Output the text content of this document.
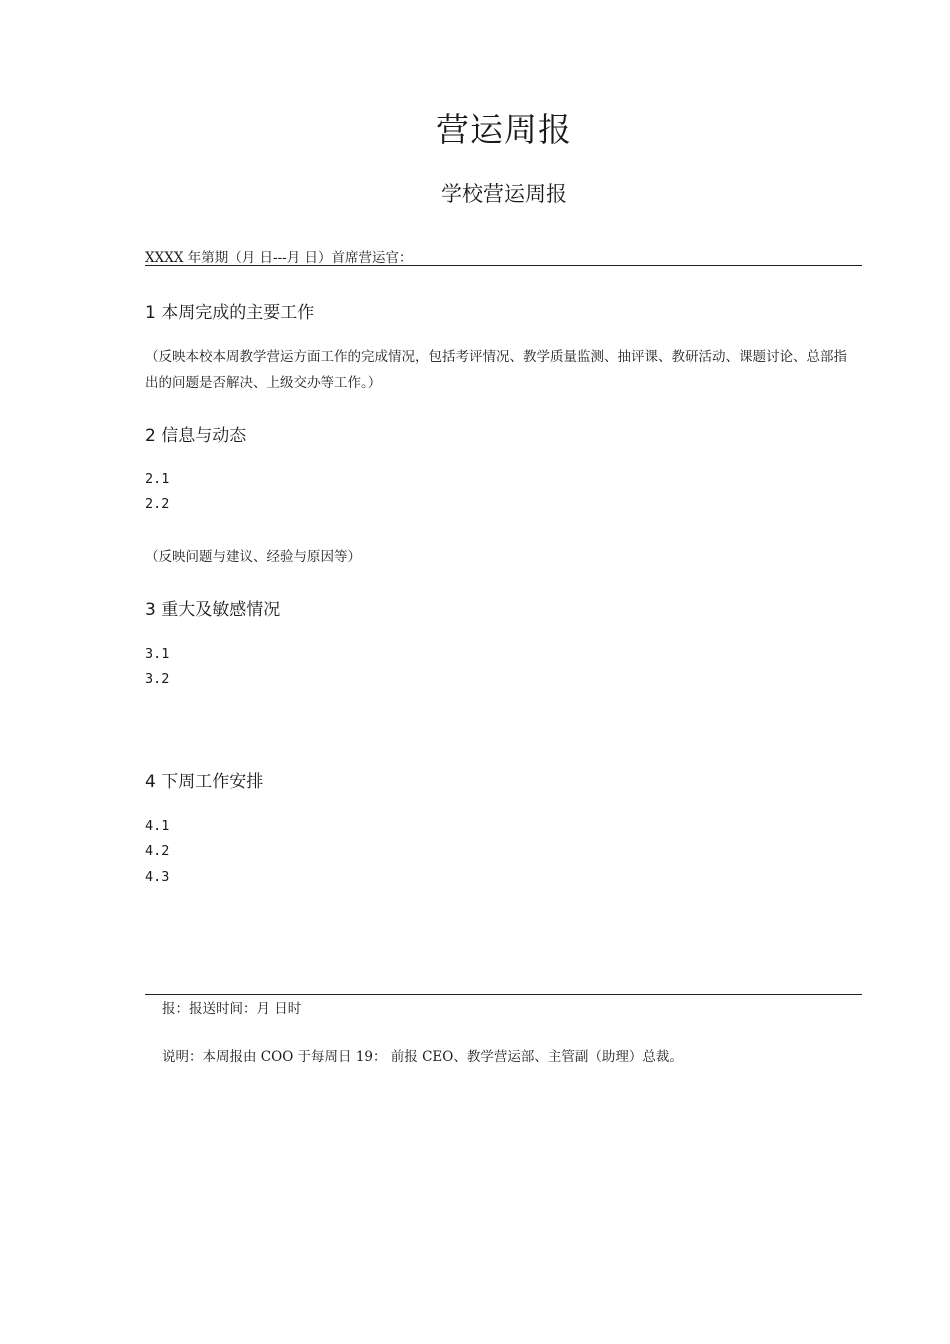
营运周报
学校营运周报
XXXX 年第期（月 日---月 日）首席营运官：
1 本周完成的主要工作
（反映本校本周教学营运方面工作的完成情况，包括考评情况、教学质量监测、抽评课、教研活动、课题讨论、总部指出的问题是否解决、上级交办等工作。）
2 信息与动态
2.1
2.2
（反映问题与建议、经验与原因等）
3 重大及敏感情况
3.1
3.2
4 下周工作安排
4.1
4.2
4.3
报：报送时间：月 日时
说明：本周报由 COO 于每周日 19： 前报 CEO、教学营运部、主管副（助理）总裁。
